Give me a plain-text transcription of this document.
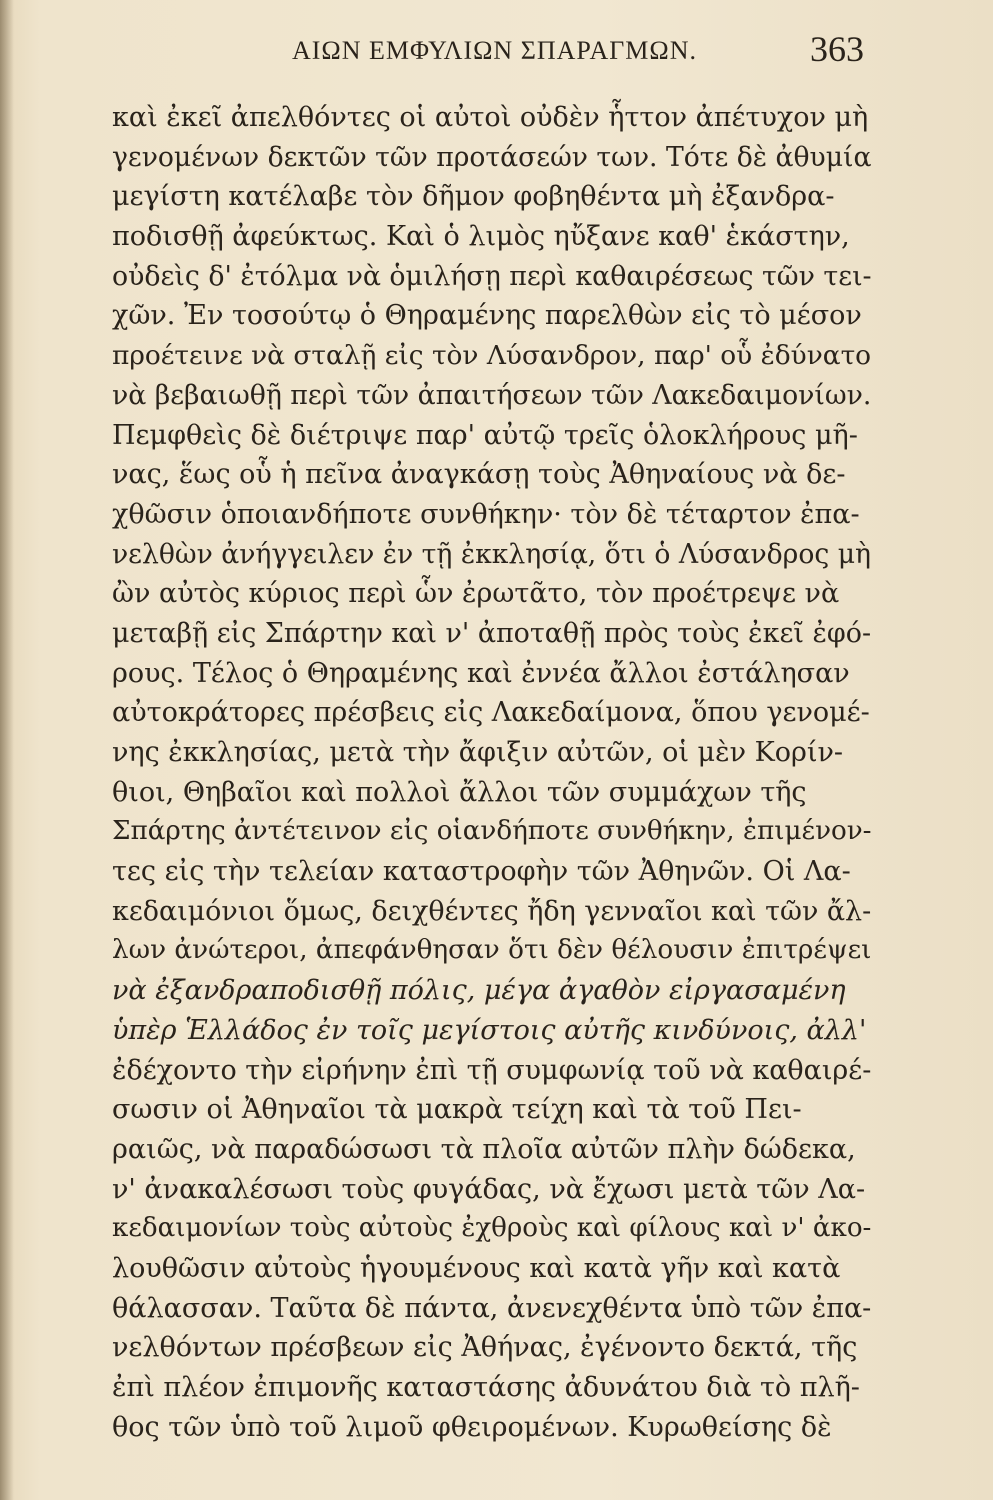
ΑΙΩΝ ΕΜΦΥΛΙΩΝ ΣΠΑΡΑΓΜΩΝ.	363
καὶ ἐκεῖ ἀπελθόντες οἱ αὐτοὶ οὐδὲν ἧττον ἀπέτυχον μὴ
γενομένων δεκτῶν τῶν προτάσεών των. Τότε δὲ ἀθυμία
μεγίστη κατέλαβε τὸν δῆμον φοβηθέντα μὴ ἐξανδρα-
ποδισθῇ ἀφεύκτως. Καὶ ὁ λιμὸς ηὔξανε καθ' ἑκάστην,
οὐδεὶς δ' ἐτόλμα νὰ ὁμιλήσῃ περὶ καθαιρέσεως τῶν τει-
χῶν. Ἐν τοσούτῳ ὁ Θηραμένης παρελθὼν εἰς τὸ μέσον
προέτεινε νὰ σταλῇ εἰς τὸν Λύσανδρον, παρ' οὗ ἐδύνατο
νὰ βεβαιωθῇ περὶ τῶν ἀπαιτήσεων τῶν Λακεδαιμονίων.
Πεμφθεὶς δὲ διέτριψε παρ' αὐτῷ τρεῖς ὁλοκλήρους μῆ-
νας, ἕως οὗ ἡ πεῖνα ἀναγκάσῃ τοὺς Ἀθηναίους νὰ δε-
χθῶσιν ὁποιανδήποτε συνθήκην· τὸν δὲ τέταρτον ἐπα-
νελθὼν ἀνήγγειλεν ἐν τῇ ἐκκλησίᾳ, ὅτι ὁ Λύσανδρος μὴ
ὢν αὐτὸς κύριος περὶ ὧν ἐρωτᾶτο, τὸν προέτρεψε νὰ
μεταβῇ εἰς Σπάρτην καὶ ν' ἀποταθῇ πρὸς τοὺς ἐκεῖ ἐφό-
ρους. Τέλος ὁ Θηραμένης καὶ ἐννέα ἄλλοι ἐστάλησαν
αὐτοκράτορες πρέσβεις εἰς Λακεδαίμονα, ὅπου γενομέ-
νης ἐκκλησίας, μετὰ τὴν ἄφιξιν αὐτῶν, οἱ μὲν Κορίν-
θιοι, Θηβαῖοι καὶ πολλοὶ ἄλλοι τῶν συμμάχων τῆς
Σπάρτης ἀντέτεινον εἰς οἱανδήποτε συνθήκην, ἐπιμένον-
τες εἰς τὴν τελείαν καταστροφὴν τῶν Ἀθηνῶν. Οἱ Λα-
κεδαιμόνιοι ὅμως, δειχθέντες ἤδη γενναῖοι καὶ τῶν ἄλ-
λων ἀνώτεροι, ἀπεφάνθησαν ὅτι δὲν θέλουσιν ἐπιτρέψει
νὰ ἐξανδραποδισθῇ πόλις, μέγα ἀγαθὸν εἰργασαμένη
ὑπὲρ Ἑλλάδος ἐν τοῖς μεγίστοις αὐτῆς κινδύνοις, ἀλλ'
ἐδέχοντο τὴν εἰρήνην ἐπὶ τῇ συμφωνίᾳ τοῦ νὰ καθαιρέ-
σωσιν οἱ Ἀθηναῖοι τὰ μακρὰ τείχη καὶ τὰ τοῦ Πει-
ραιῶς, νὰ παραδώσωσι τὰ πλοῖα αὐτῶν πλὴν δώδεκα,
ν' ἀνακαλέσωσι τοὺς φυγάδας, νὰ ἔχωσι μετὰ τῶν Λα-
κεδαιμονίων τοὺς αὐτοὺς ἐχθροὺς καὶ φίλους καὶ ν' ἀκο-
λουθῶσιν αὐτοὺς ἡγουμένους καὶ κατὰ γῆν καὶ κατὰ
θάλασσαν. Ταῦτα δὲ πάντα, ἀνενεχθέντα ὑπὸ τῶν ἐπα-
νελθόντων πρέσβεων εἰς Ἀθήνας, ἐγένοντο δεκτά, τῆς
ἐπὶ πλέον ἐπιμονῆς καταστάσης ἀδυνάτου διὰ τὸ πλῆ-
θος τῶν ὑπὸ τοῦ λιμοῦ φθειρομένων. Κυρωθείσης δὲ
